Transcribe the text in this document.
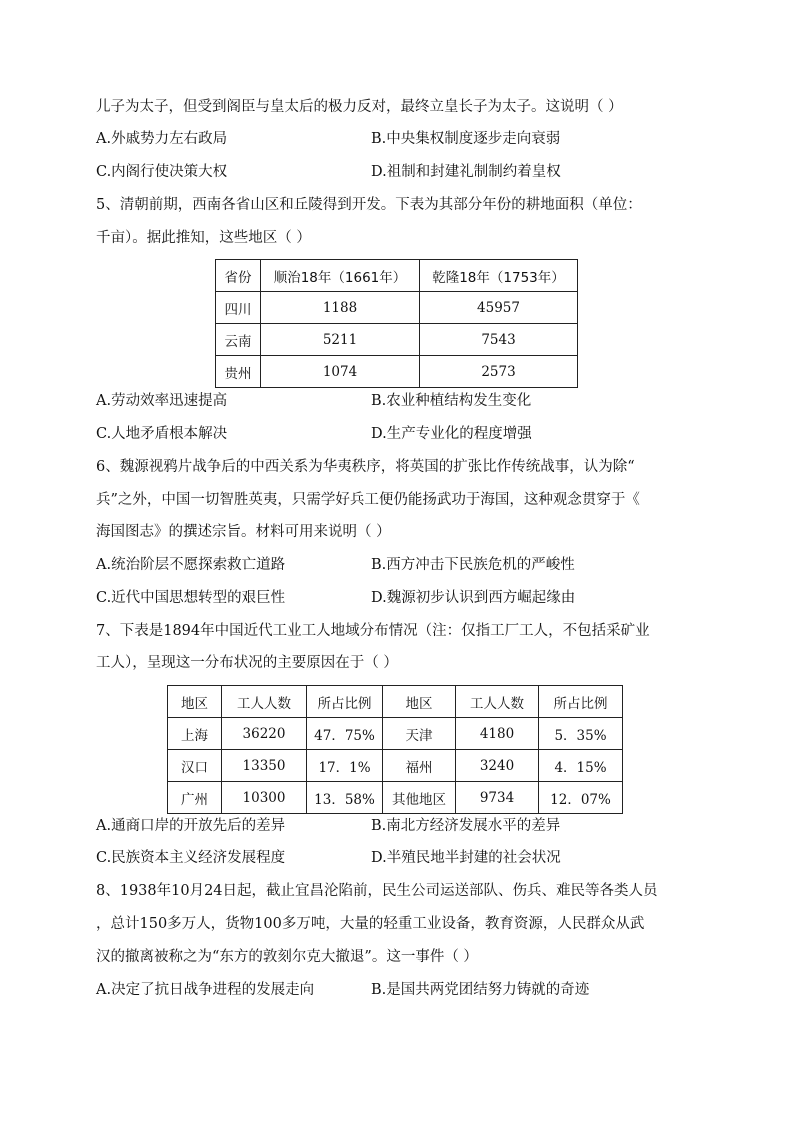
儿子为太子，但受到阁臣与皇太后的极力反对，最终立皇长子为太子。这说明（ ）
A.外戚势力左右政局	B.中央集权制度逐步走向衰弱
C.内阁行使决策大权	D.祖制和封建礼制制约着皇权
5、清朝前期，西南各省山区和丘陵得到开发。下表为其部分年份的耕地面积（单位：
千亩）。据此推知，这些地区（ ）
省份	顺治18年（1661年）	乾隆18年（1753年）
四川	1188	45957
云南	5211	7543
贵州	1074	2573
A.劳动效率迅速提高	B.农业种植结构发生变化
C.人地矛盾根本解决	D.生产专业化的程度增强
6、魏源视鸦片战争后的中西关系为华夷秩序，将英国的扩张比作传统战事，认为除“
兵”之外，中国一切智胜英夷，只需学好兵工便仍能扬武功于海国，这种观念贯穿于《
海国图志》的撰述宗旨。材料可用来说明（ ）
A.统治阶层不愿探索救亡道路	B.西方冲击下民族危机的严峻性
C.近代中国思想转型的艰巨性	D.魏源初步认识到西方崛起缘由
7、下表是1894年中国近代工业工人地域分布情况（注：仅指工厂工人，不包括采矿业
工人），呈现这一分布状况的主要原因在于（ ）
地区	工人人数	所占比例	地区	工人人数	所占比例
上海	36220	47．75%	天津	4180	5．35%
汉口	13350	17．1%	福州	3240	4．15%
广州	10300	13．58%	其他地区	9734	12．07%
A.通商口岸的开放先后的差异	B.南北方经济发展水平的差异
C.民族资本主义经济发展程度	D.半殖民地半封建的社会状况
8、1938年10月24日起，截止宜昌沦陷前，民生公司运送部队、伤兵、难民等各类人员
，总计150多万人，货物100多万吨，大量的轻重工业设备，教育资源，人民群众从武
汉的撤离被称之为“东方的敦刻尔克大撤退”。这一事件（ ）
A.决定了抗日战争进程的发展走向	B.是国共两党团结努力铸就的奇迹
